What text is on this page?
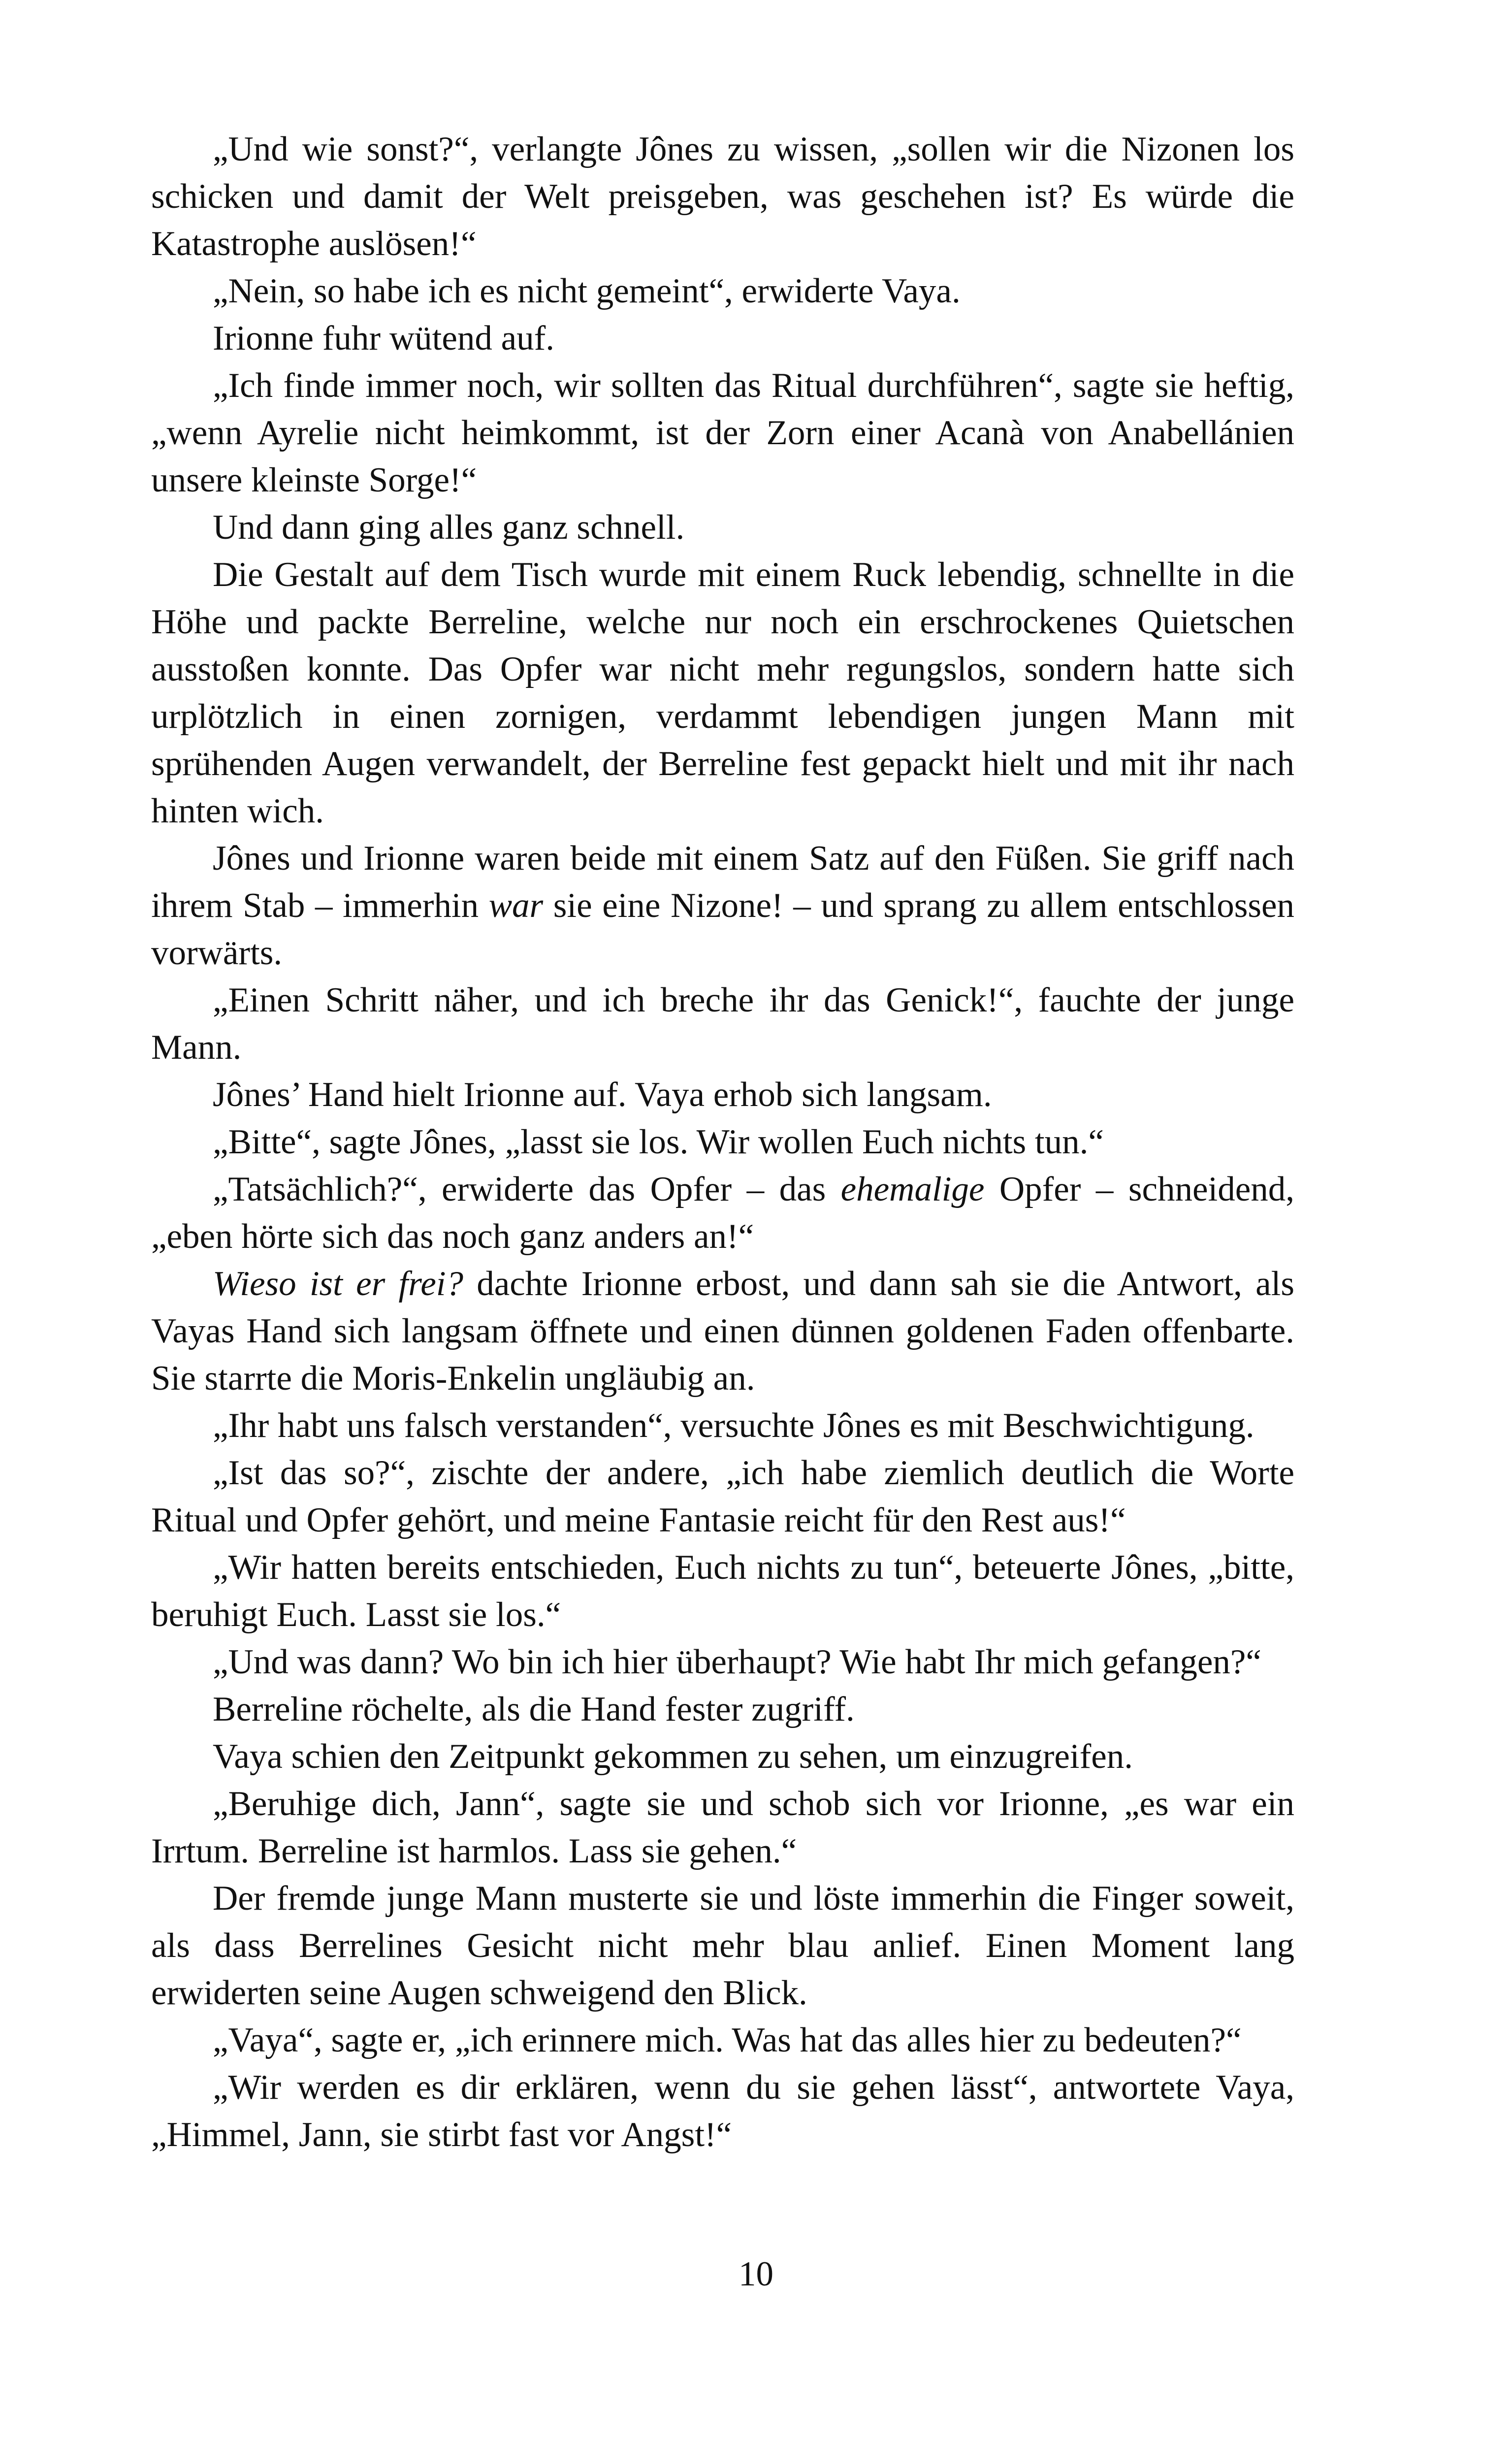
„Und wie sonst?“, verlangte Jônes zu wissen, „sollen wir die Nizonen los schicken und damit der Welt preisgeben, was geschehen ist? Es würde die Katastrophe auslösen!“

„Nein, so habe ich es nicht gemeint“, erwiderte Vaya.

Irionne fuhr wütend auf.

„Ich finde immer noch, wir sollten das Ritual durchführen“, sagte sie heftig, „wenn Ayrelie nicht heimkommt, ist der Zorn einer Acanà von Anabellánien unsere kleinste Sorge!“

Und dann ging alles ganz schnell.

Die Gestalt auf dem Tisch wurde mit einem Ruck lebendig, schnellte in die Höhe und packte Berreline, welche nur noch ein erschrockenes Quietschen ausstoßen konnte. Das Opfer war nicht mehr regungslos, sondern hatte sich urplötzlich in einen zornigen, verdammt lebendigen jungen Mann mit sprühenden Augen verwandelt, der Berreline fest gepackt hielt und mit ihr nach hinten wich.

Jônes und Irionne waren beide mit einem Satz auf den Füßen. Sie griff nach ihrem Stab – immerhin war sie eine Nizone! – und sprang zu allem entschlossen vorwärts.

„Einen Schritt näher, und ich breche ihr das Genick!“, fauchte der junge Mann.

Jônes’ Hand hielt Irionne auf. Vaya erhob sich langsam.

„Bitte“, sagte Jônes, „lasst sie los. Wir wollen Euch nichts tun.“

„Tatsächlich?“, erwiderte das Opfer – das ehemalige Opfer – schneidend, „eben hörte sich das noch ganz anders an!“

Wieso ist er frei? dachte Irionne erbost, und dann sah sie die Antwort, als Vayas Hand sich langsam öffnete und einen dünnen goldenen Faden offenbarte. Sie starrte die Moris-Enkelin ungläubig an.

„Ihr habt uns falsch verstanden“, versuchte Jônes es mit Beschwichtigung.

„Ist das so?“, zischte der andere, „ich habe ziemlich deutlich die Worte Ritual und Opfer gehört, und meine Fantasie reicht für den Rest aus!“

„Wir hatten bereits entschieden, Euch nichts zu tun“, beteuerte Jônes, „bitte, beruhigt Euch. Lasst sie los.“

„Und was dann? Wo bin ich hier überhaupt? Wie habt Ihr mich gefangen?“

Berreline röchelte, als die Hand fester zugriff.

Vaya schien den Zeitpunkt gekommen zu sehen, um einzugreifen.

„Beruhige dich, Jann“, sagte sie und schob sich vor Irionne, „es war ein Irrtum. Berreline ist harmlos. Lass sie gehen.“

Der fremde junge Mann musterte sie und löste immerhin die Finger soweit, als dass Berrelines Gesicht nicht mehr blau anlief. Einen Moment lang erwiderten seine Augen schweigend den Blick.

„Vaya“, sagte er, „ich erinnere mich. Was hat das alles hier zu bedeuten?“

„Wir werden es dir erklären, wenn du sie gehen lässt“, antwortete Vaya, „Himmel, Jann, sie stirbt fast vor Angst!“

10
